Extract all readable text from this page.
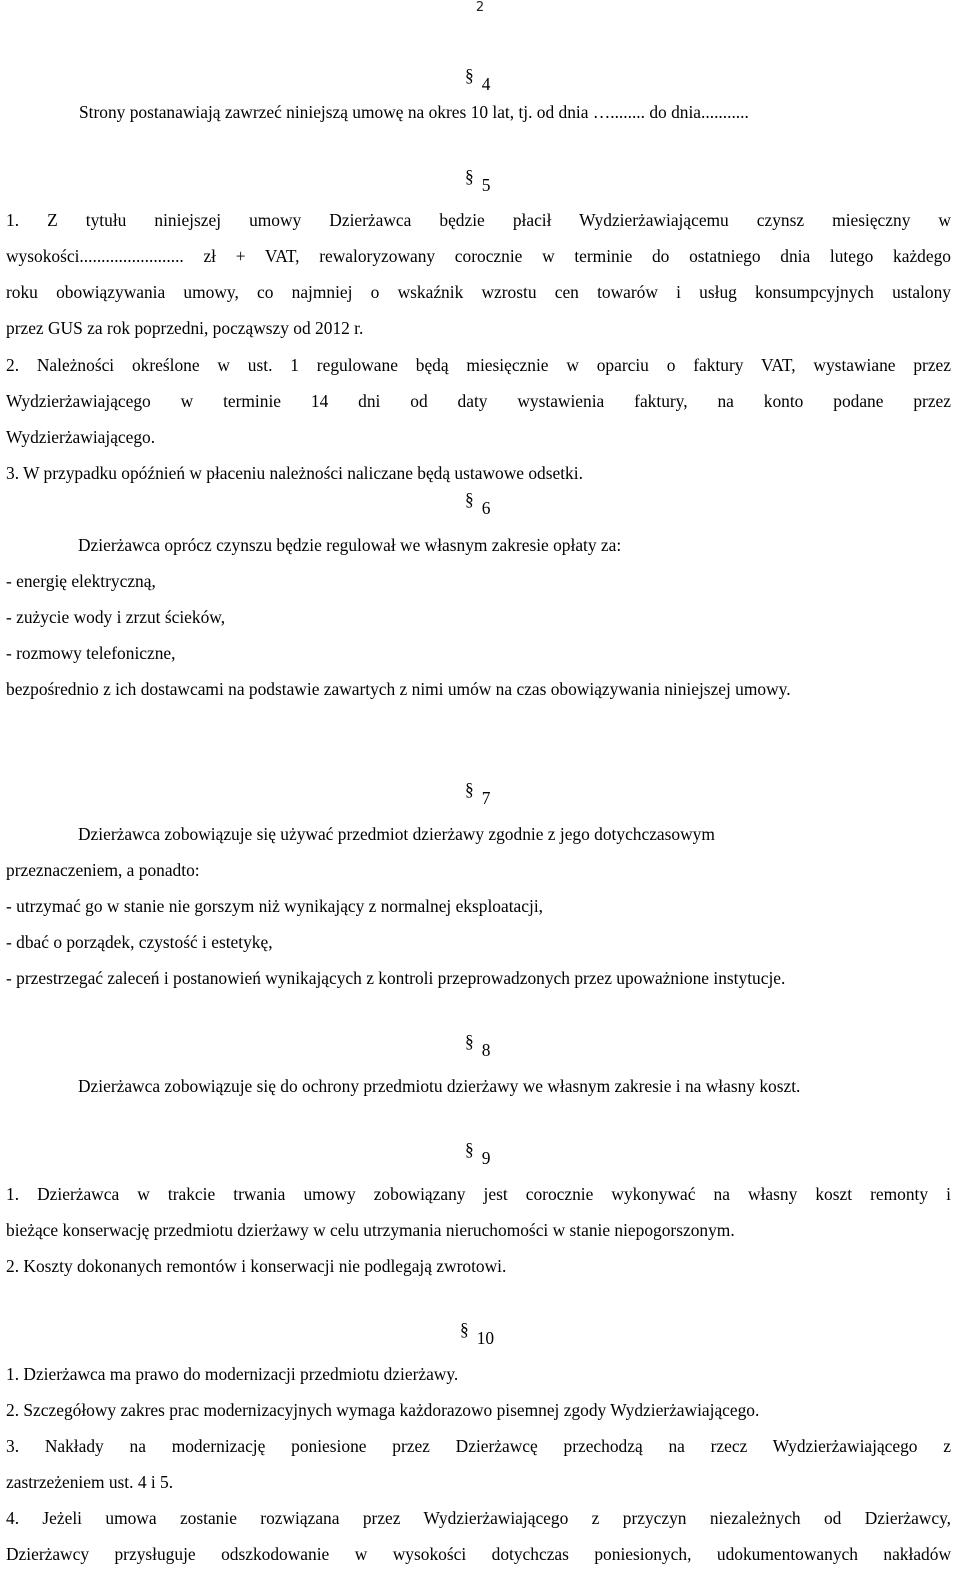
2
§ 4
Strony postanawiają zawrzeć niniejszą umowę na okres 10 lat, tj. od dnia …........ do dnia...........
§ 5
1. Z tytułu niniejszej umowy Dzierżawca będzie płacił Wydzierżawiającemu czynsz miesięczny w
wysokości........................ zł + VAT, rewaloryzowany corocznie w terminie do ostatniego dnia lutego każdego
roku obowiązywania umowy, co najmniej o wskaźnik wzrostu cen towarów i usług konsumpcyjnych ustalony
przez GUS za rok poprzedni, począwszy od 2012 r.
2. Należności określone w ust. 1 regulowane będą miesięcznie w oparciu o faktury VAT, wystawiane przez
Wydzierżawiającego w terminie 14 dni od daty wystawienia faktury, na konto podane przez
Wydzierżawiającego.
3. W przypadku opóźnień w płaceniu należności naliczane będą ustawowe odsetki.
§ 6
Dzierżawca oprócz czynszu będzie regulował we własnym zakresie opłaty za:
- energię elektryczną,
- zużycie wody i zrzut ścieków,
- rozmowy telefoniczne,
bezpośrednio z ich dostawcami na podstawie zawartych z nimi umów na czas obowiązywania niniejszej umowy.
§ 7
Dzierżawca zobowiązuje się używać przedmiot dzierżawy zgodnie z jego dotychczasowym
przeznaczeniem, a ponadto:
- utrzymać go w stanie nie gorszym niż wynikający z normalnej eksploatacji,
- dbać o porządek, czystość i estetykę,
- przestrzegać zaleceń i postanowień wynikających z kontroli przeprowadzonych przez upoważnione instytucje.
§ 8
Dzierżawca zobowiązuje się do ochrony przedmiotu dzierżawy we własnym zakresie i na własny koszt.
§ 9
1. Dzierżawca w trakcie trwania umowy zobowiązany jest corocznie wykonywać na własny koszt remonty i
bieżące konserwację przedmiotu dzierżawy w celu utrzymania nieruchomości w stanie niepogorszonym.
2. Koszty dokonanych remontów i konserwacji nie podlegają zwrotowi.
§ 10
1. Dzierżawca ma prawo do modernizacji przedmiotu dzierżawy.
2. Szczegółowy zakres prac modernizacyjnych wymaga każdorazowo pisemnej zgody Wydzierżawiającego.
3. Nakłady na modernizację poniesione przez Dzierżawcę przechodzą na rzecz Wydzierżawiającego z
zastrzeżeniem ust. 4 i 5.
4. Jeżeli umowa zostanie rozwiązana przez Wydzierżawiającego z przyczyn niezależnych od Dzierżawcy,
Dzierżawcy przysługuje odszkodowanie w wysokości dotychczas poniesionych, udokumentowanych nakładów
